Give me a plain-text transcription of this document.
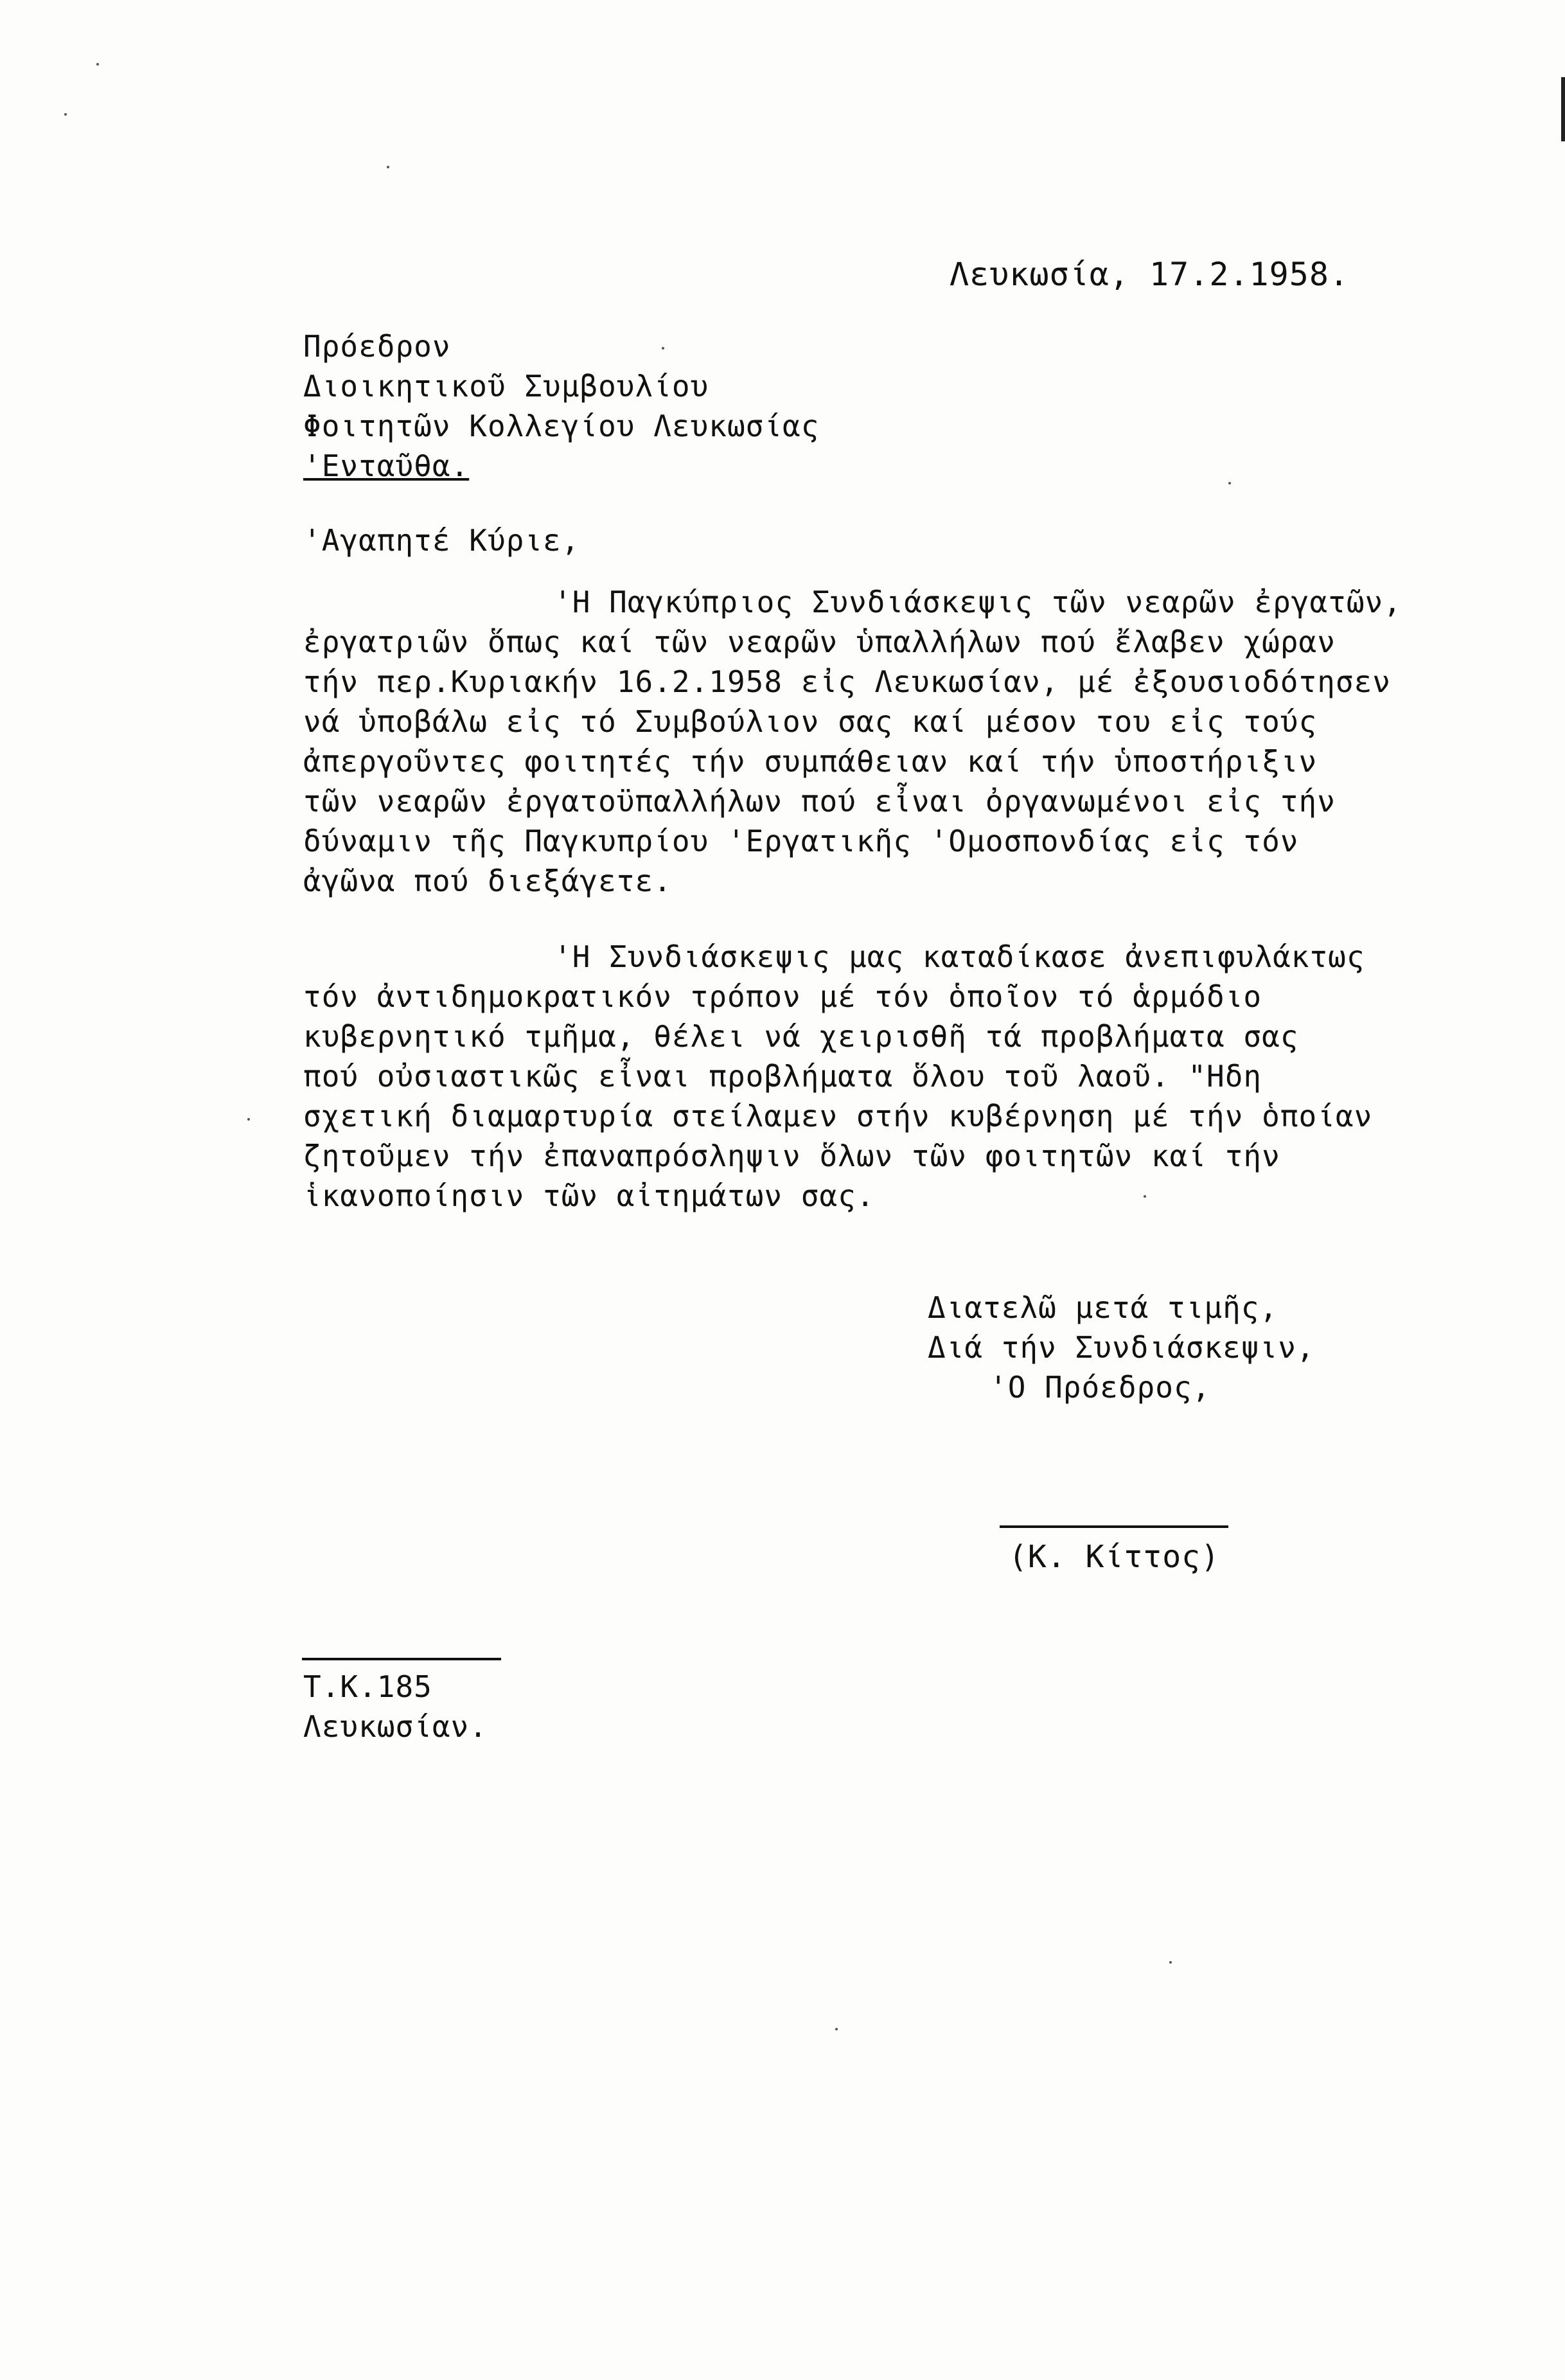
Λευκωσία, 17.2.1958.
Πρόεδρον
Διοικητικοῦ Συμβουλίου
Φοιτητῶν Κολλεγίου Λευκωσίας
'Ενταῦθα.
'Αγαπητέ Κύριε,
'Η Παγκύπριος Συνδιάσκεψις τῶν νεαρῶν ἐργατῶν,
ἐργατριῶν ὅπως καί τῶν νεαρῶν ὑπαλλήλων πού ἔλαβεν χώραν
τήν περ.Κυριακήν 16.2.1958 εἰς Λευκωσίαν, μέ ἐξουσιοδότησεν
νά ὑποβάλω εἰς τό Συμβούλιον σας καί μέσον του εἰς τούς
ἀπεργοῦντες φοιτητές τήν συμπάθειαν καί τήν ὑποστήριξιν
τῶν νεαρῶν ἐργατοϋπαλλήλων πού εἶναι ὀργανωμένοι εἰς τήν
δύναμιν τῆς Παγκυπρίου 'Εργατικῆς 'Ομοσπονδίας εἰς τόν
ἀγῶνα πού διεξάγετε.
'Η Συνδιάσκεψις μας καταδίκασε ἀνεπιφυλάκτως
τόν ἀντιδημοκρατικόν τρόπον μέ τόν ὁποῖον τό ἁρμόδιο
κυβερνητικό τμῆμα, θέλει νά χειρισθῆ τά προβλήματα σας
πού οὐσιαστικῶς εἶναι προβλήματα ὅλου τοῦ λαοῦ. "Ηδη
σχετική διαμαρτυρία στείλαμεν στήν κυβέρνηση μέ τήν ὁποίαν
ζητοῦμεν τήν ἐπαναπρόσληψιν ὅλων τῶν φοιτητῶν καί τήν
ἱκανοποίησιν τῶν αἰτημάτων σας.
Διατελῶ μετά τιμῆς,
Διά τήν Συνδιάσκεψιν,
'Ο Πρόεδρος,
(Κ. Κίττος)
T.K.185
Λευκωσίαν.
